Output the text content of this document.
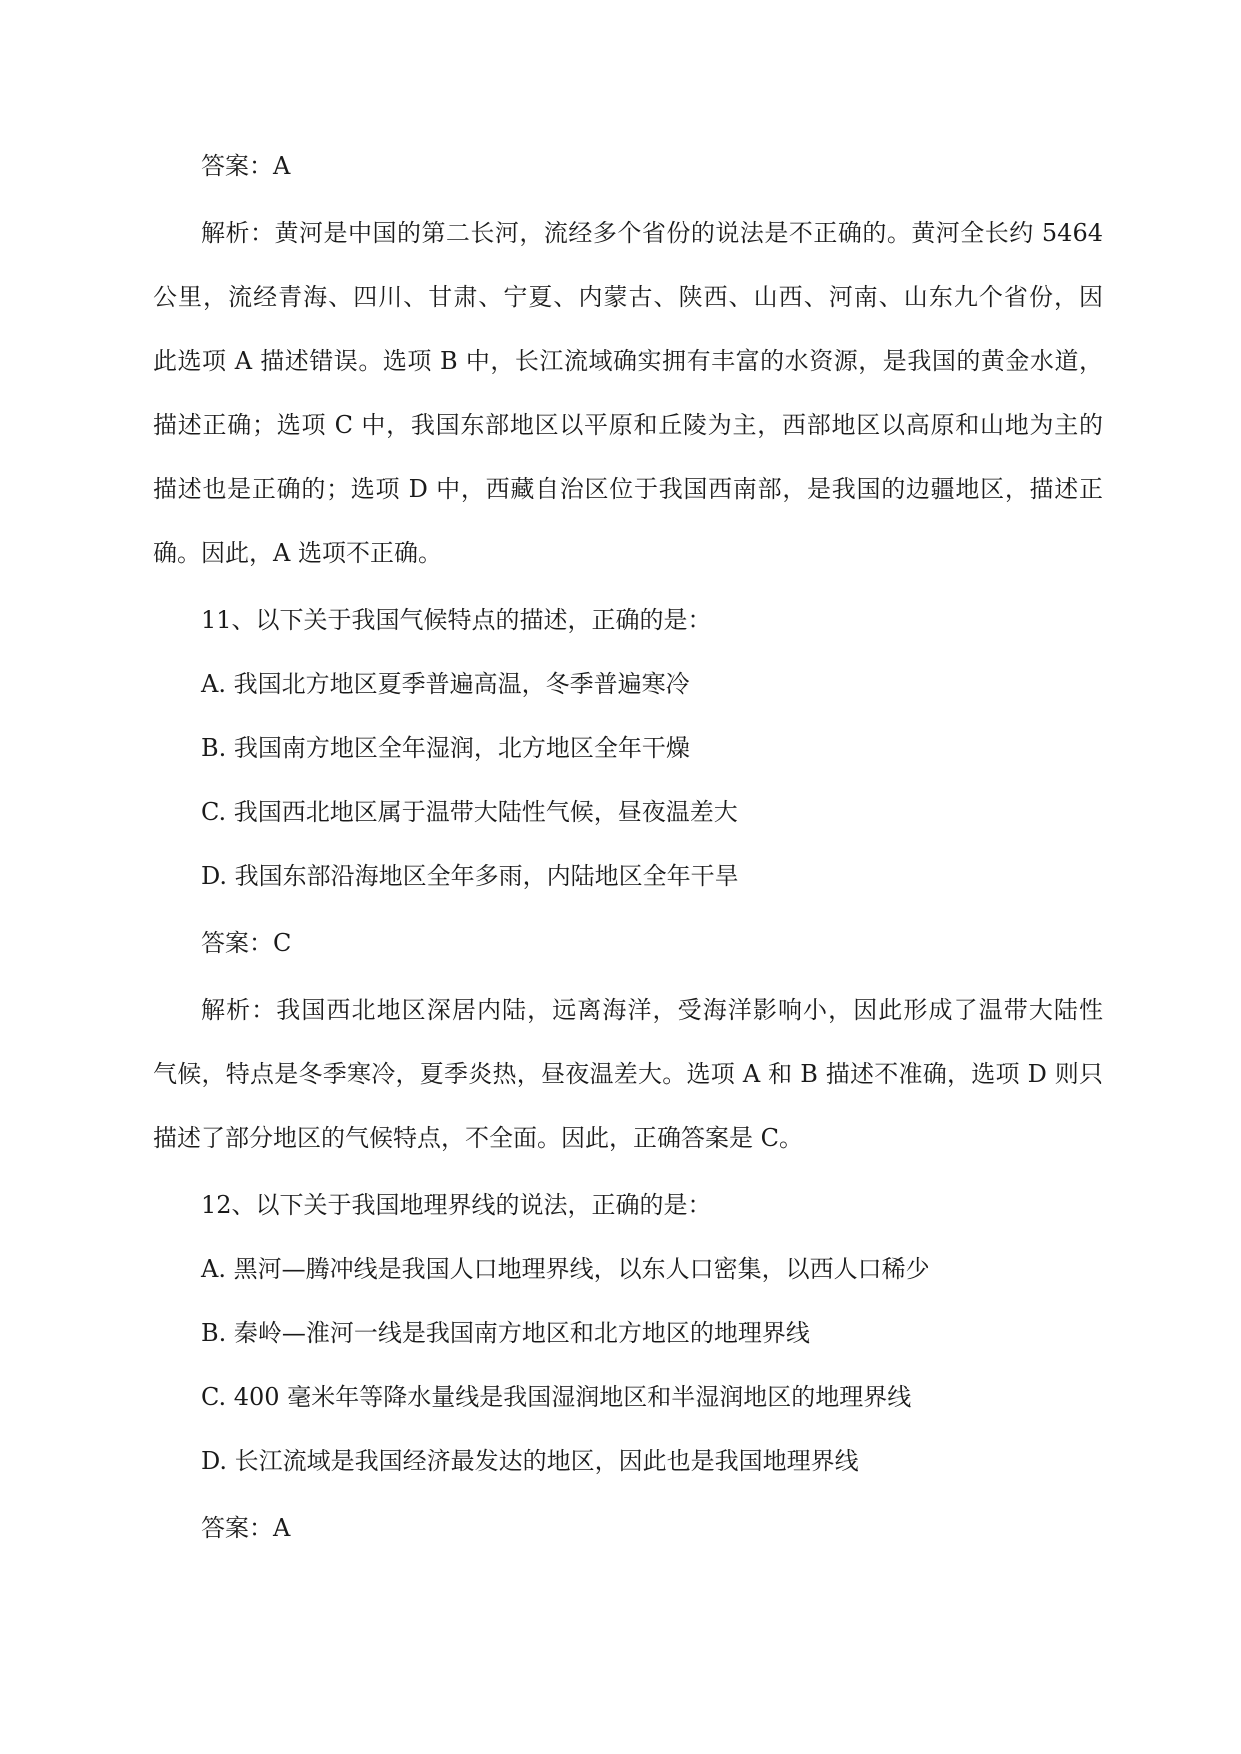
答案：A

解析：黄河是中国的第二长河，流经多个省份的说法是不正确的。黄河全长约 5464

公里，流经青海、四川、甘肃、宁夏、内蒙古、陕西、山西、河南、山东九个省份，因

此选项 A 描述错误。选项 B 中，长江流域确实拥有丰富的水资源，是我国的黄金水道，

描述正确；选项 C 中，我国东部地区以平原和丘陵为主，西部地区以高原和山地为主的

描述也是正确的；选项 D 中，西藏自治区位于我国西南部，是我国的边疆地区，描述正

确。因此，A 选项不正确。

11、以下关于我国气候特点的描述，正确的是：

A. 我国北方地区夏季普遍高温，冬季普遍寒冷

B. 我国南方地区全年湿润，北方地区全年干燥

C. 我国西北地区属于温带大陆性气候，昼夜温差大

D. 我国东部沿海地区全年多雨，内陆地区全年干旱

答案：C

解析：我国西北地区深居内陆，远离海洋，受海洋影响小，因此形成了温带大陆性

气候，特点是冬季寒冷，夏季炎热，昼夜温差大。选项 A 和 B 描述不准确，选项 D 则只

描述了部分地区的气候特点，不全面。因此，正确答案是 C。

12、以下关于我国地理界线的说法，正确的是：

A. 黑河—腾冲线是我国人口地理界线，以东人口密集，以西人口稀少

B. 秦岭—淮河一线是我国南方地区和北方地区的地理界线

C. 400 毫米年等降水量线是我国湿润地区和半湿润地区的地理界线

D. 长江流域是我国经济最发达的地区，因此也是我国地理界线

答案：A
